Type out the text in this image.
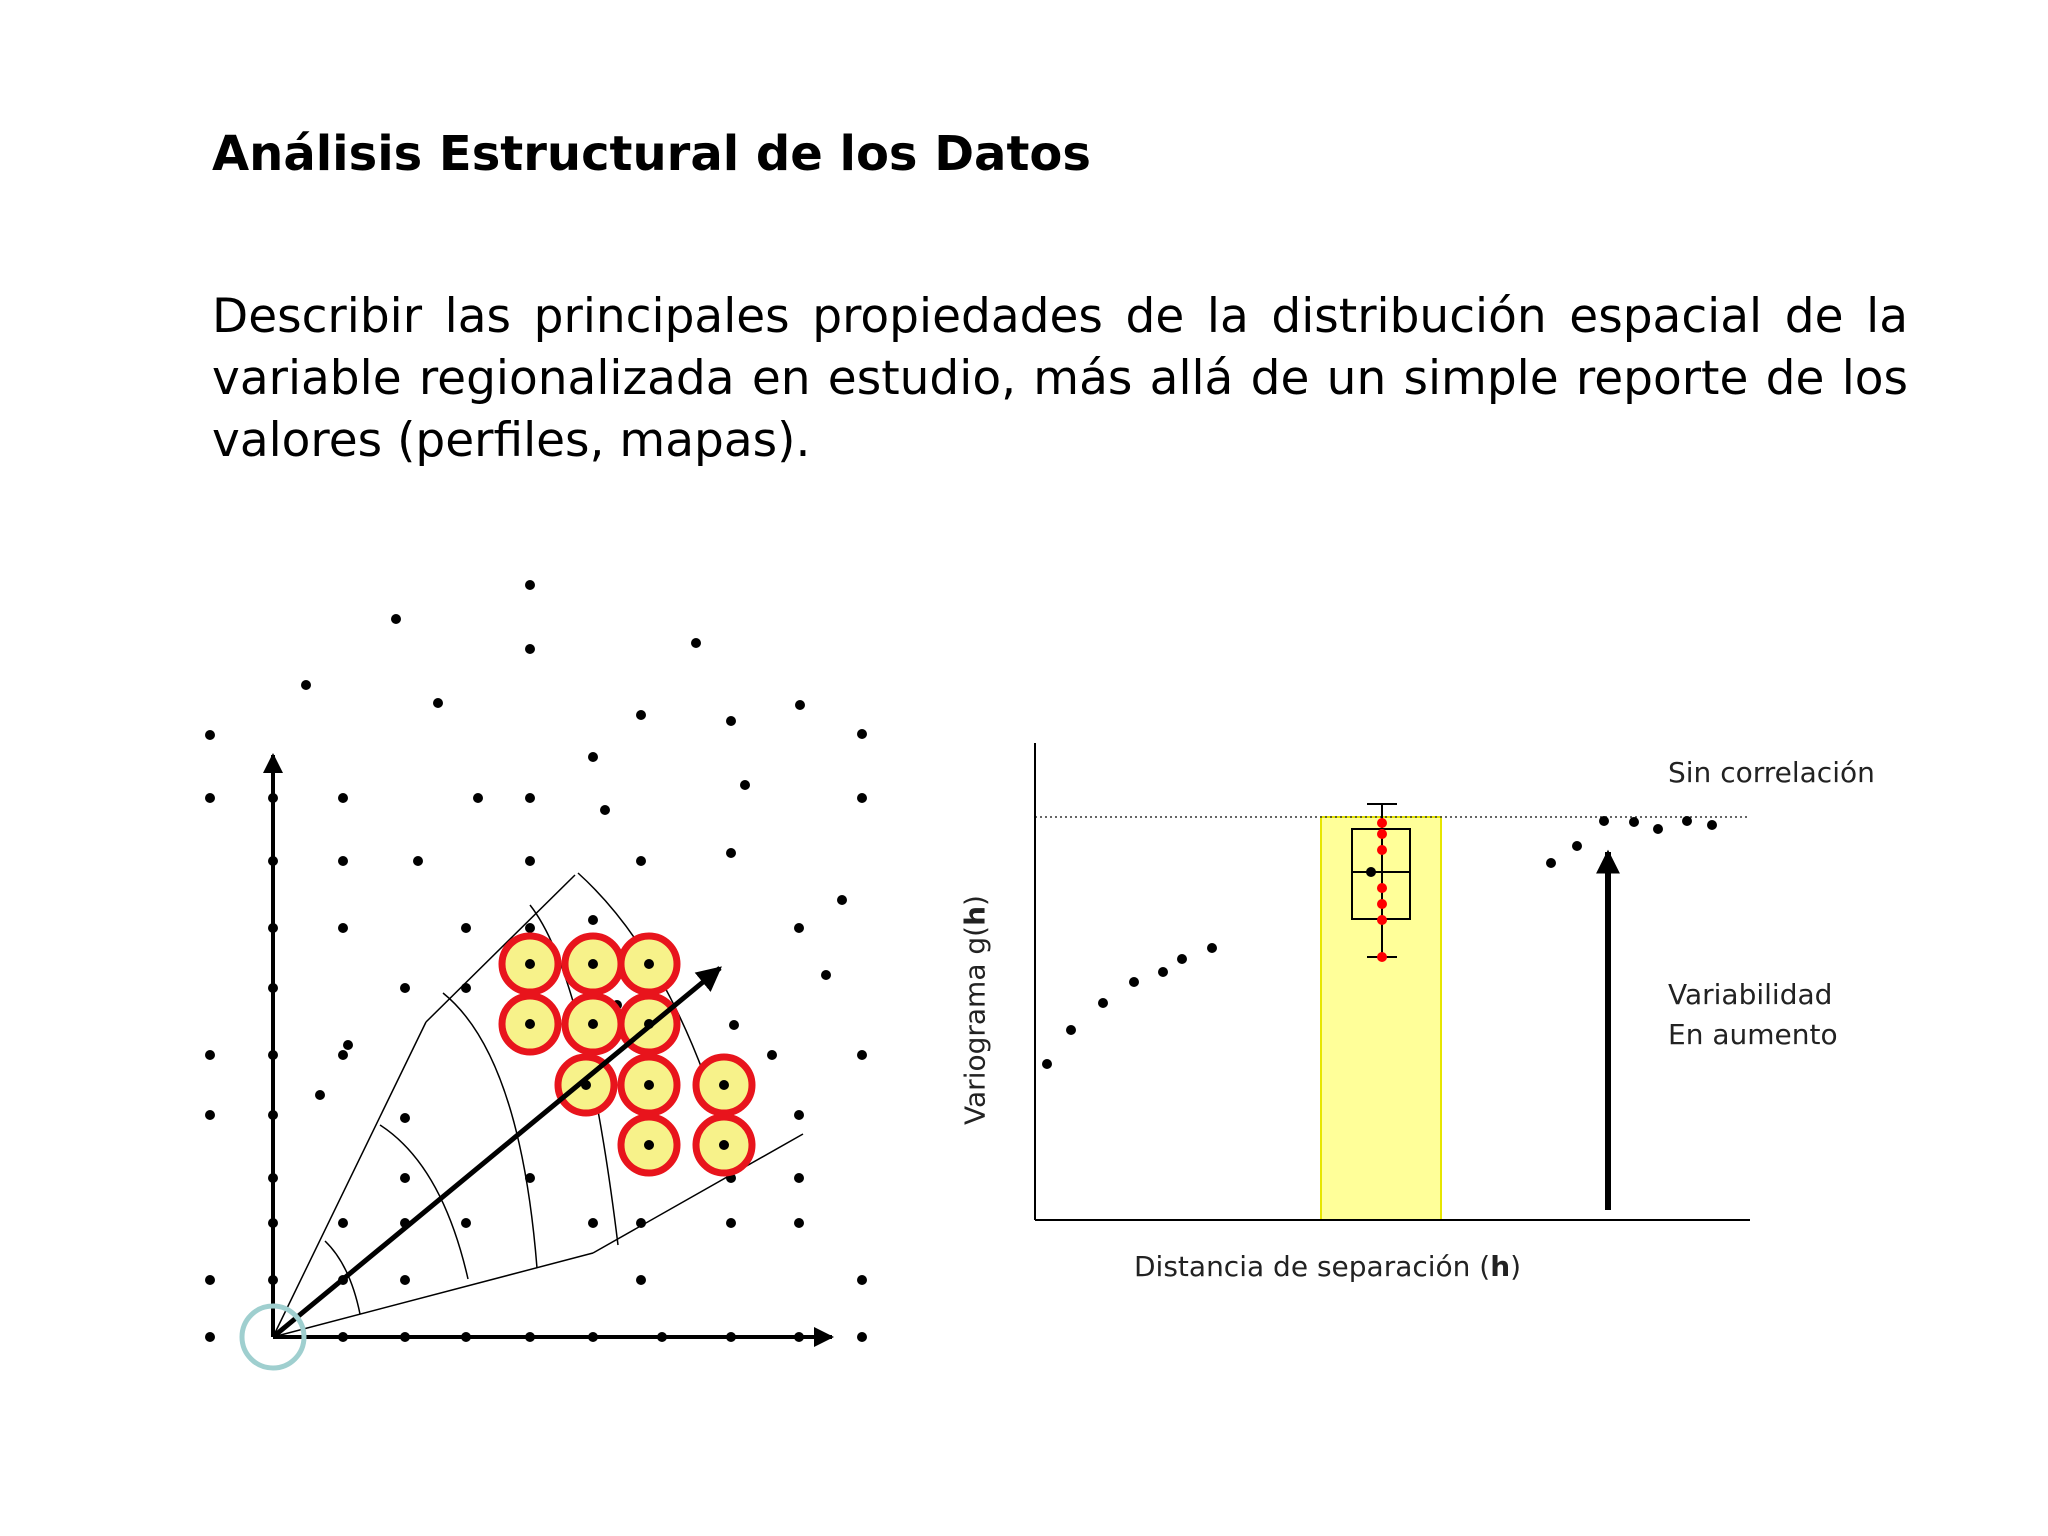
Análisis Estructural de los Datos

Describir las principales propiedades de la distribución espacial de la variable regionalizada en estudio, más allá de un simple reporte de los valores (perfiles, mapas).

Sin correlación
Variabilidad
En aumento
Distancia de separación (h)
Variograma g(h)
